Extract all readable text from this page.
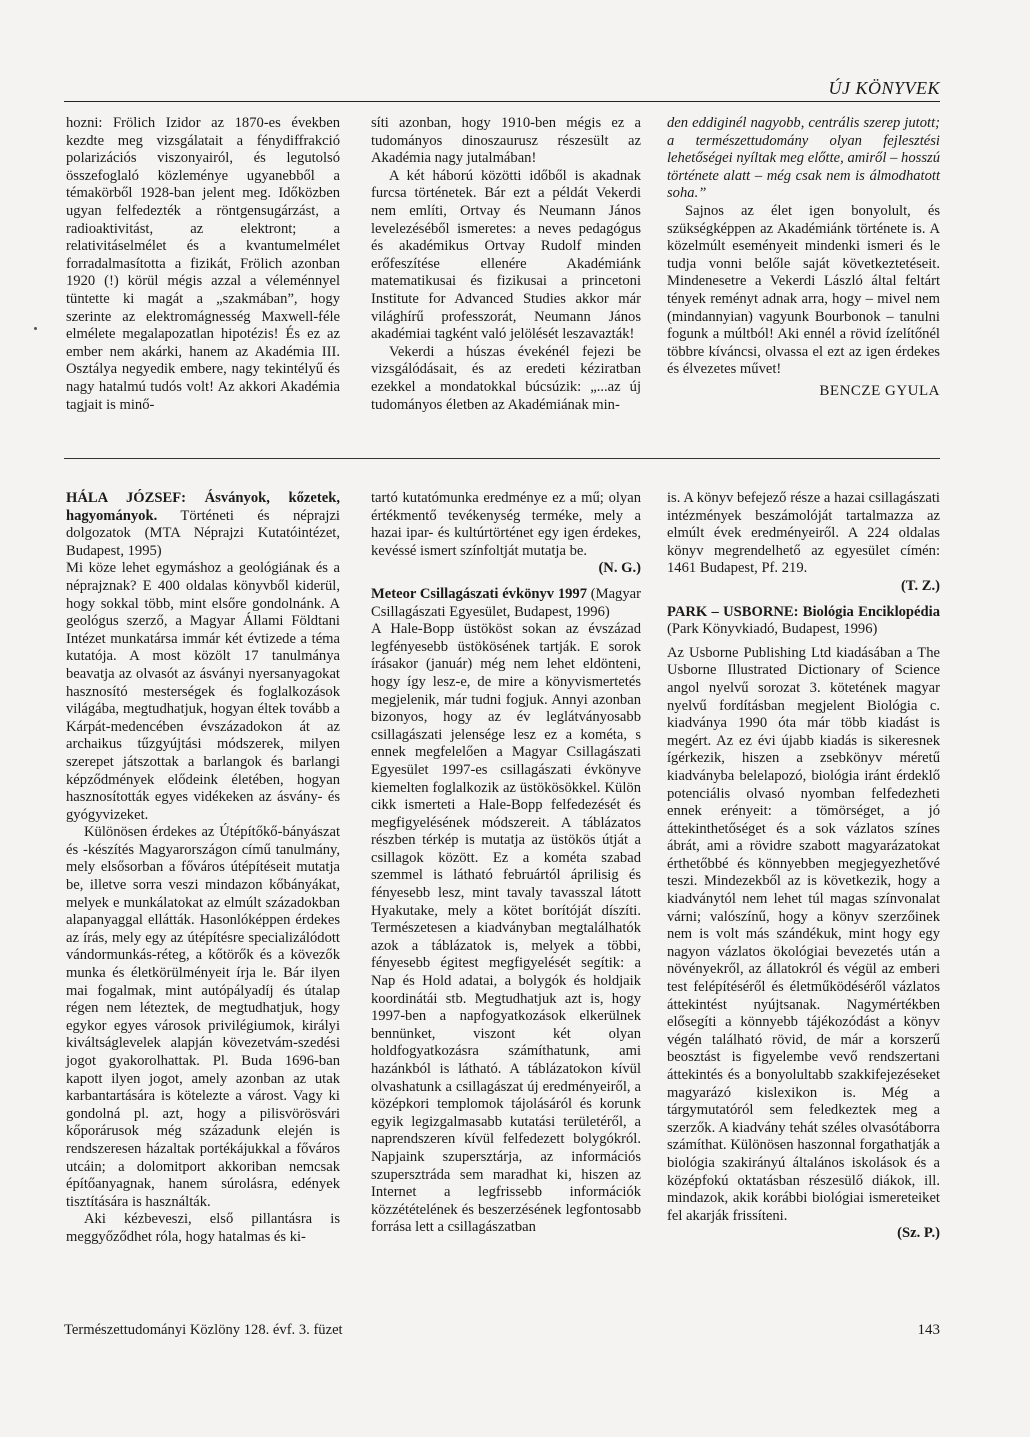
ÚJ KÖNYVEK

hozni: Frölich Izidor az 1870-es években kezdte meg vizsgálatait a fénydiffrakció polarizációs viszonyairól, és legutolsó összefoglaló közleménye ugyanebből a témakörből 1928-ban jelent meg. Időközben ugyan felfedezték a röntgensugárzást, a radioaktivitást, az elektront; a relativitáselmélet és a kvantumelmélet forradalmasította a fizikát, Frölich azonban 1920 (!) körül mégis azzal a véleménnyel tüntette ki magát a „szakmában”, hogy szerinte az elektromágnesség Maxwell-féle elmélete megalapozatlan hipotézis! És ez az ember nem akárki, hanem az Akadémia III. Osztálya negyedik embere, nagy tekintélyű és nagy hatalmú tudós volt! Az akkori Akadémia tagjait is minő-

síti azonban, hogy 1910-ben mégis ez a tudományos dinoszaurusz részesült az Akadémia nagy jutalmában!

A két háború közötti időből is akadnak furcsa történetek. Bár ezt a példát Vekerdi nem említi, Ortvay és Neumann János levelezéséből ismeretes: a neves pedagógus és akadémikus Ortvay Rudolf minden erőfeszítése ellenére Akadémiánk matematikusai és fizikusai a princetoni Institute for Advanced Studies akkor már világhírű professzorát, Neumann János akadémiai tagként való jelölését leszavazták!

Vekerdi a húszas évekénél fejezi be vizsgálódásait, és az eredeti kéziratban ezekkel a mondatokkal búcsúzik: „...az új tudományos életben az Akadémiának min-

den eddiginél nagyobb, centrális szerep jutott; a természettudomány olyan fejlesztési lehetőségei nyíltak meg előtte, amiről – hosszú története alatt – még csak nem is álmodhatott soha.”

Sajnos az élet igen bonyolult, és szükségképpen az Akadémiánk története is. A közelmúlt eseményeit mindenki ismeri és le tudja vonni belőle saját következtetéseit. Mindenesetre a Vekerdi László által feltárt tények reményt adnak arra, hogy – mivel nem (mindannyian) vagyunk Bourbonok – tanulni fogunk a múltból! Aki ennél a rövid ízelítőnél többre kíváncsi, olvassa el ezt az igen érdekes és élvezetes művet!

BENCZE GYULA

HÁLA JÓZSEF: Ásványok, kőzetek, hagyományok. Történeti és néprajzi dolgozatok (MTA Néprajzi Kutatóintézet, Budapest, 1995)

Mi köze lehet egymáshoz a geológiának és a néprajznak? E 400 oldalas könyvből kiderül, hogy sokkal több, mint elsőre gondolnánk. A geológus szerző, a Magyar Állami Földtani Intézet munkatársa immár két évtizede a téma kutatója. A most közölt 17 tanulmánya beavatja az olvasót az ásványi nyersanyagokat hasznosító mesterségek és foglalkozások világába, megtudhatjuk, hogyan éltek tovább a Kárpát-medencében évszázadokon át az archaikus tűzgyújtási módszerek, milyen szerepet játszottak a barlangok és barlangi képződmények elődeink életében, hogyan hasznosították egyes vidékeken az ásvány- és gyógyvizeket.

Különösen érdekes az Útépítőkő-bányászat és -készítés Magyarországon című tanulmány, mely elsősorban a főváros útépítéseit mutatja be, illetve sorra veszi mindazon kőbányákat, melyek e munkálatokat az elmúlt századokban alapanyaggal ellátták. Hasonlóképpen érdekes az írás, mely egy az útépítésre specializálódott vándormunkás-réteg, a kőtörők és a kövezők munka és életkörülményeit írja le. Bár ilyen mai fogalmak, mint autópályadíj és útalap régen nem léteztek, de megtudhatjuk, hogy egykor egyes városok privilégiumok, királyi kiváltságlevelek alapján kövezetvám-szedési jogot gyakorolhattak. Pl. Buda 1696-ban kapott ilyen jogot, amely azonban az utak karbantartására is kötelezte a várost. Vagy ki gondolná pl. azt, hogy a pilisvörösvári kőporárusok még századunk elején is rendszeresen házaltak portékájukkal a főváros utcáin; a dolomitport akkoriban nemcsak építőanyagnak, hanem súrolásra, edények tisztítására is használták.

Aki kézbeveszi, első pillantásra is meggyőződhet róla, hogy hatalmas és ki-

tartó kutatómunka eredménye ez a mű; olyan értékmentő tevékenység terméke, mely a hazai ipar- és kultúrtörténet egy igen érdekes, kevéssé ismert színfoltját mutatja be.

(N. G.)

Meteor Csillagászati évkönyv 1997 (Magyar Csillagászati Egyesület, Budapest, 1996)

A Hale-Bopp üstököst sokan az évszázad legfényesebb üstökösének tartják. E sorok írásakor (január) még nem lehet eldönteni, hogy így lesz-e, de mire a könyvismertetés megjelenik, már tudni fogjuk. Annyi azonban bizonyos, hogy az év leglátványosabb csillagászati jelensége lesz ez a kométa, s ennek megfelelően a Magyar Csillagászati Egyesület 1997-es csillagászati évkönyve kiemelten foglalkozik az üstökösökkel. Külön cikk ismerteti a Hale-Bopp felfedezését és megfigyelésének módszereit. A táblázatos részben térkép is mutatja az üstökös útját a csillagok között. Ez a kométa szabad szemmel is látható februártól áprilisig és fényesebb lesz, mint tavaly tavasszal látott Hyakutake, mely a kötet borítóját díszíti. Természetesen a kiadványban megtalálhatók azok a táblázatok is, melyek a többi, fényesebb égitest megfigyelését segítik: a Nap és Hold adatai, a bolygók és holdjaik koordinátái stb. Megtudhatjuk azt is, hogy 1997-ben a napfogyatkozások elkerülnek bennünket, viszont két olyan holdfogyatkozásra számíthatunk, ami hazánkból is látható. A táblázatokon kívül olvashatunk a csillagászat új eredményeiről, a középkori templomok tájolásáról és korunk egyik legizgalmasabb kutatási területéről, a naprendszeren kívül felfedezett bolygókról. Napjaink szupersztárja, az információs szupersztráda sem maradhat ki, hiszen az Internet a legfrissebb információk közzétételének és beszerzésének legfontosabb forrása lett a csillagászatban

is. A könyv befejező része a hazai csillagászati intézmények beszámolóját tartalmazza az elmúlt évek eredményeiről. A 224 oldalas könyv megrendelhető az egyesület címén: 1461 Budapest, Pf. 219.

(T. Z.)

PARK – USBORNE: Biológia Enciklopédia (Park Könyvkiadó, Budapest, 1996)

Az Usborne Publishing Ltd kiadásában a The Usborne Illustrated Dictionary of Science angol nyelvű sorozat 3. kötetének magyar nyelvű fordításban megjelent Biológia c. kiadványa 1990 óta már több kiadást is megért. Az ez évi újabb kiadás is sikeresnek ígérkezik, hiszen a zsebkönyv méretű kiadványba belelapozó, biológia iránt érdeklő potenciális olvasó nyomban felfedezheti ennek erényeit: a tömörséget, a jó áttekinthetőséget és a sok vázlatos színes ábrát, ami a rövidre szabott magyarázatokat érthetőbbé és könnyebben megjegyezhetővé teszi. Mindezekből az is következik, hogy a kiadványtól nem lehet túl magas színvonalat várni; valószínű, hogy a könyv szerzőinek nem is volt más szándékuk, mint hogy egy nagyon vázlatos ökológiai bevezetés után a növényekről, az állatokról és végül az emberi test felépítéséről és életműködéséről vázlatos áttekintést nyújtsanak. Nagymértékben elősegíti a könnyebb tájékozódást a könyv végén található rövid, de már a korszerű beosztást is figyelembe vevő rendszertani áttekintés és a bonyolultabb szakkifejezéseket magyarázó kislexikon is. Még a tárgymutatóról sem feledkeztek meg a szerzők. A kiadvány tehát széles olvasótáborra számíthat. Különösen haszonnal forgathatják a biológia szakirányú általános iskolások és a középfokú oktatásban részesülő diákok, ill. mindazok, akik korábbi biológiai ismereteiket fel akarják frissíteni.

(Sz. P.)

Természettudományi Közlöny 128. évf. 3. füzet	143
